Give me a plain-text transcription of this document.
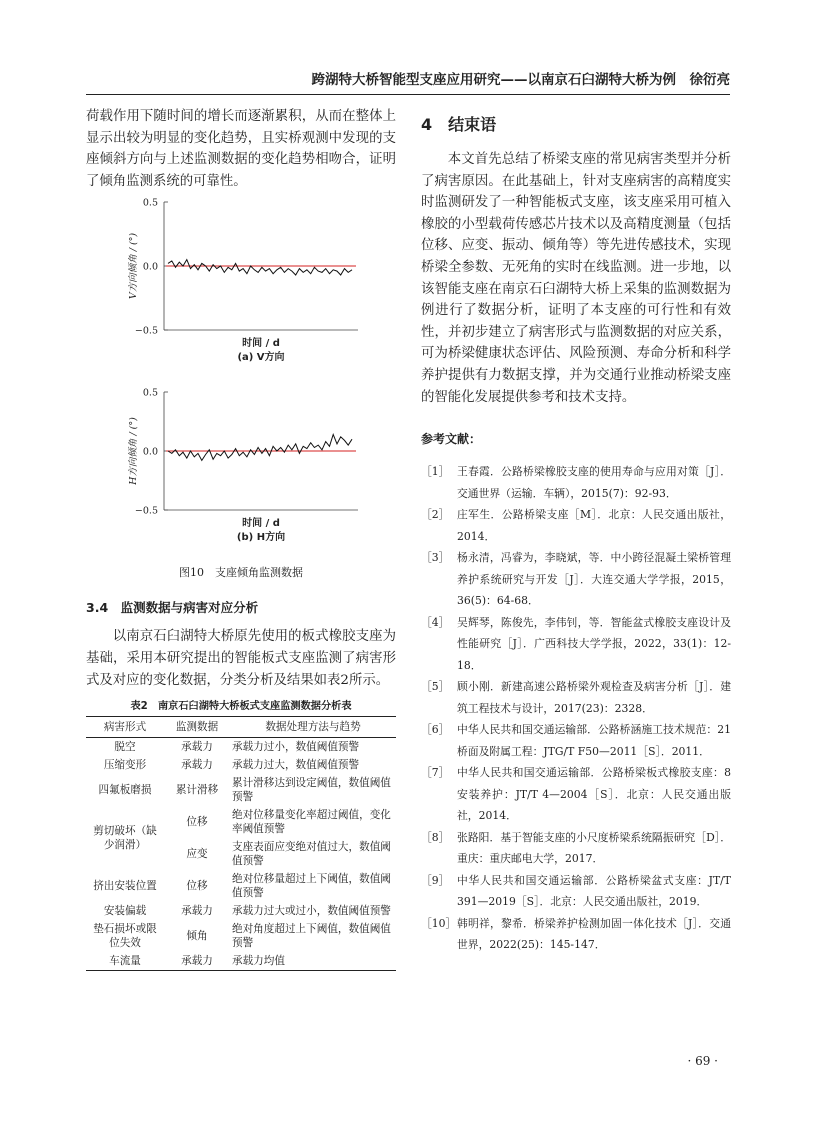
跨湖特大桥智能型支座应用研究——以南京石臼湖特大桥为例　徐衍亮

荷载作用下随时间的增长而逐渐累积，从而在整体上显示出较为明显的变化趋势，且实桥观测中发现的支座倾斜方向与上述监测数据的变化趋势相吻合，证明了倾角监测系统的可靠性。

0.5
0.0
−0.5
V方向倾角 / (°)
时间 / d
(a) V方向
0.5
0.0
−0.5
H方向倾角 / (°)
时间 / d
(b) H方向
图10　支座倾角监测数据
3.4　监测数据与病害对应分析

以南京石臼湖特大桥原先使用的板式橡胶支座为基础，采用本研究提出的智能板式支座监测了病害形式及对应的变化数据，分类分析及结果如表2所示。

表2　南京石臼湖特大桥板式支座监测数据分析表
病害形式	监测数据	数据处理方法与趋势
脱空	承载力	承载力过小，数值阈值预警
压缩变形	承载力	承载力过大，数值阈值预警
四氟板磨损	累计滑移	累计滑移达到设定阈值，数值阈值预警
剪切破坏（缺少润滑）	位移	绝对位移量变化率超过阈值，变化率阈值预警
	应变	支座表面应变绝对值过大，数值阈值预警
挤出安装位置	位移	绝对位移量超过上下阈值，数值阈值预警
安装偏载	承载力	承载力过大或过小，数值阈值预警
垫石损坏或限位失效	倾角	绝对角度超过上下阈值，数值阈值预警
车流量	承载力	承载力均值
4　结束语

本文首先总结了桥梁支座的常见病害类型并分析了病害原因。在此基础上，针对支座病害的高精度实时监测研发了一种智能板式支座，该支座采用可植入橡胶的小型载荷传感芯片技术以及高精度测量（包括位移、应变、振动、倾角等）等先进传感技术，实现桥梁全参数、无死角的实时在线监测。进一步地，以该智能支座在南京石臼湖特大桥上采集的监测数据为例进行了数据分析，证明了本支座的可行性和有效性，并初步建立了病害形式与监测数据的对应关系，可为桥梁健康状态评估、风险预测、寿命分析和科学养护提供有力数据支撑，并为交通行业推动桥梁支座的智能化发展提供参考和技术支持。

参考文献：
［1］ 王春霞．公路桥梁橡胶支座的使用寿命与应用对策［J］．交通世界（运输．车辆），2015(7)：92-93．
［2］ 庄军生．公路桥梁支座［M］．北京：人民交通出版社，2014．
［3］ 杨永清，冯睿为，李晓斌，等．中小跨径混凝土梁桥管理养护系统研究与开发［J］．大连交通大学学报，2015，36(5)：64-68．
［4］ 吴辉琴，陈俊先，李伟钊，等．智能盆式橡胶支座设计及性能研究［J］．广西科技大学学报，2022，33(1)：12-18．
［5］ 顾小刚．新建高速公路桥梁外观检查及病害分析［J］．建筑工程技术与设计，2017(23)：2328．
［6］ 中华人民共和国交通运输部．公路桥涵施工技术规范：21 桥面及附属工程：JTG/T F50—2011［S］．2011．
［7］ 中华人民共和国交通运输部．公路桥梁板式橡胶支座：8 安装养护：JT/T 4—2004［S］．北京：人民交通出版社，2014．
［8］ 张路阳．基于智能支座的小尺度桥梁系统隔振研究［D］．重庆：重庆邮电大学，2017．
［9］ 中华人民共和国交通运输部．公路桥梁盆式支座：JT/T 391—2019［S］．北京：人民交通出版社，2019．
［10］ 韩明祥，黎希．桥梁养护检测加固一体化技术［J］．交通世界，2022(25)：145-147．
· 69 ·
